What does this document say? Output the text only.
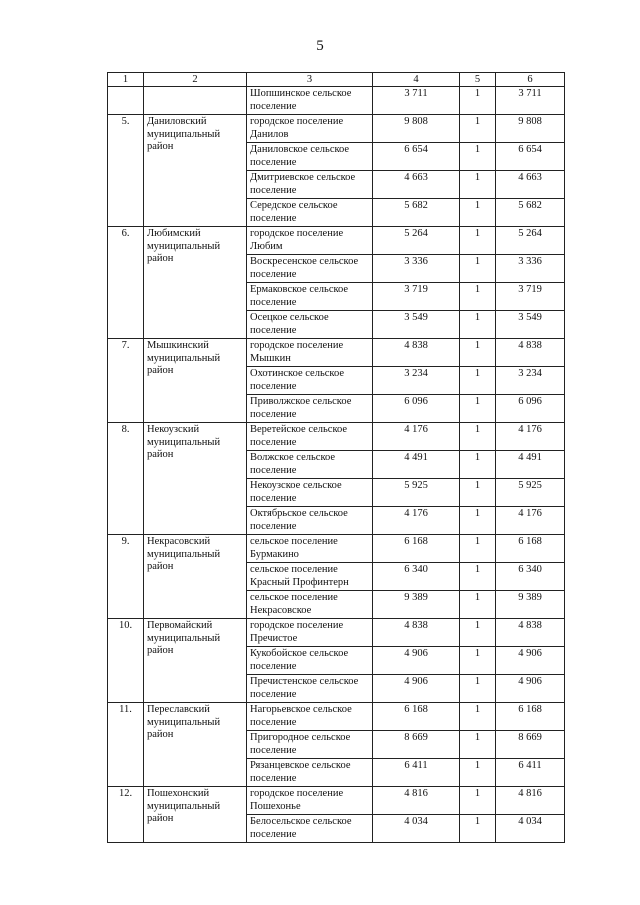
5
1	2	3	4	5	6
		Шопшинское сельское поселение	3 711	1	3 711
5.	Даниловский муниципальный район	городское поселение Данилов	9 808	1	9 808
		Даниловское сельское поселение	6 654	1	6 654
		Дмитриевское сельское поселение	4 663	1	4 663
		Середское сельское поселение	5 682	1	5 682
6.	Любимский муниципальный район	городское поселение Любим	5 264	1	5 264
		Воскресенское сельское поселение	3 336	1	3 336
		Ермаковское сельское поселение	3 719	1	3 719
		Осецкое сельское поселение	3 549	1	3 549
7.	Мышкинский муниципальный район	городское поселение Мышкин	4 838	1	4 838
		Охотинское сельское поселение	3 234	1	3 234
		Приволжское сельское поселение	6 096	1	6 096
8.	Некоузский муниципальный район	Веретейское сельское поселение	4 176	1	4 176
		Волжское сельское поселение	4 491	1	4 491
		Некоузское сельское поселение	5 925	1	5 925
		Октябрьское сельское поселение	4 176	1	4 176
9.	Некрасовский муниципальный район	сельское поселение Бурмакино	6 168	1	6 168
		сельское поселение Красный Профинтерн	6 340	1	6 340
		сельское поселение Некрасовское	9 389	1	9 389
10.	Первомайский муниципальный район	городское поселение Пречистое	4 838	1	4 838
		Кукобойское сельское поселение	4 906	1	4 906
		Пречистенское сельское поселение	4 906	1	4 906
11.	Переславский муниципальный район	Нагорьевское сельское поселение	6 168	1	6 168
		Пригородное сельское поселение	8 669	1	8 669
		Рязанцевское сельское поселение	6 411	1	6 411
12.	Пошехонский муниципальный район	городское поселение Пошехонье	4 816	1	4 816
		Белосельское сельское поселение	4 034	1	4 034
